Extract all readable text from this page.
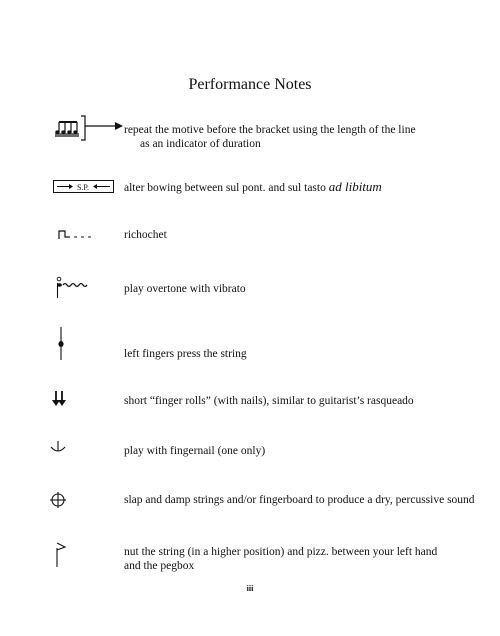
Performance Notes
repeat the motive before the bracket using the length of the line
as an indicator of duration
S.P.	alter bowing between sul pont. and sul tasto ad libitum
richochet
play overtone with vibrato
left fingers press the string
short “finger rolls” (with nails), similar to guitarist’s rasqueado
play with fingernail (one only)
slap and damp strings and/or fingerboard to produce a dry, percussive sound
nut the string (in a higher position) and pizz. between your left hand
and the pegbox
iii
